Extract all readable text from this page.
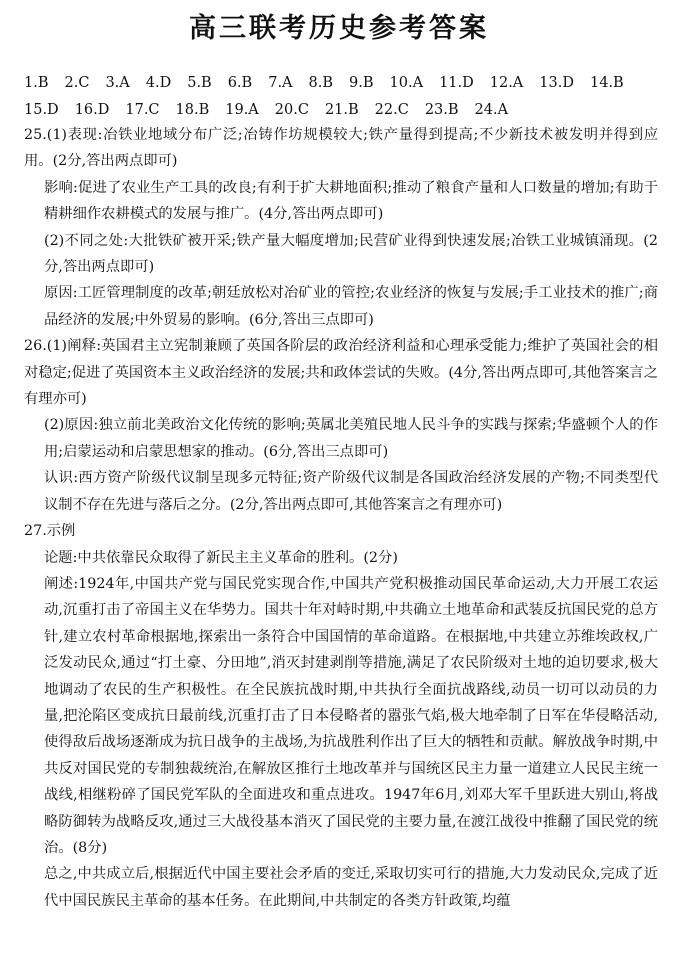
高三联考历史参考答案
1.B 2.C 3.A 4.D 5.B 6.B 7.A 8.B 9.B 10.A 11.D 12.A 13.D 14.B
15.D 16.D 17.C 18.B 19.A 20.C 21.B 22.C 23.B 24.A

25.(1)表现:冶铁业地域分布广泛;冶铸作坊规模较大;铁产量得到提高;不少新技术被发明并得到应用。(2分,答出两点即可)

影响:促进了农业生产工具的改良;有利于扩大耕地面积;推动了粮食产量和人口数量的增加;有助于精耕细作农耕模式的发展与推广。(4分,答出两点即可)

(2)不同之处:大批铁矿被开采;铁产量大幅度增加;民营矿业得到快速发展;冶铁工业城镇涌现。(2分,答出两点即可)

原因:工匠管理制度的改革;朝廷放松对冶矿业的管控;农业经济的恢复与发展;手工业技术的推广;商品经济的发展;中外贸易的影响。(6分,答出三点即可)

26.(1)阐释:英国君主立宪制兼顾了英国各阶层的政治经济利益和心理承受能力;维护了英国社会的相对稳定;促进了英国资本主义政治经济的发展;共和政体尝试的失败。(4分,答出两点即可,其他答案言之有理亦可)

(2)原因:独立前北美政治文化传统的影响;英属北美殖民地人民斗争的实践与探索;华盛顿个人的作用;启蒙运动和启蒙思想家的推动。(6分,答出三点即可)

认识:西方资产阶级代议制呈现多元特征;资产阶级代议制是各国政治经济发展的产物;不同类型代议制不存在先进与落后之分。(2分,答出两点即可,其他答案言之有理亦可)

27.示例

论题:中共依靠民众取得了新民主主义革命的胜利。(2分)

阐述:1924年,中国共产党与国民党实现合作,中国共产党积极推动国民革命运动,大力开展工农运动,沉重打击了帝国主义在华势力。国共十年对峙时期,中共确立土地革命和武装反抗国民党的总方针,建立农村革命根据地,探索出一条符合中国国情的革命道路。在根据地,中共建立苏维埃政权,广泛发动民众,通过“打土豪、分田地”,消灭封建剥削等措施,满足了农民阶级对土地的迫切要求,极大地调动了农民的生产积极性。在全民族抗战时期,中共执行全面抗战路线,动员一切可以动员的力量,把沦陷区变成抗日最前线,沉重打击了日本侵略者的嚣张气焰,极大地牵制了日军在华侵略活动,使得敌后战场逐渐成为抗日战争的主战场,为抗战胜利作出了巨大的牺牲和贡献。解放战争时期,中共反对国民党的专制独裁统治,在解放区推行土地改革并与国统区民主力量一道建立人民民主统一战线,相继粉碎了国民党军队的全面进攻和重点进攻。1947年6月,刘邓大军千里跃进大别山,将战略防御转为战略反攻,通过三大战役基本消灭了国民党的主要力量,在渡江战役中推翻了国民党的统治。(8分)

总之,中共成立后,根据近代中国主要社会矛盾的变迁,采取切实可行的措施,大力发动民众,完成了近代中国民族民主革命的基本任务。在此期间,中共制定的各类方针政策,均蕴
